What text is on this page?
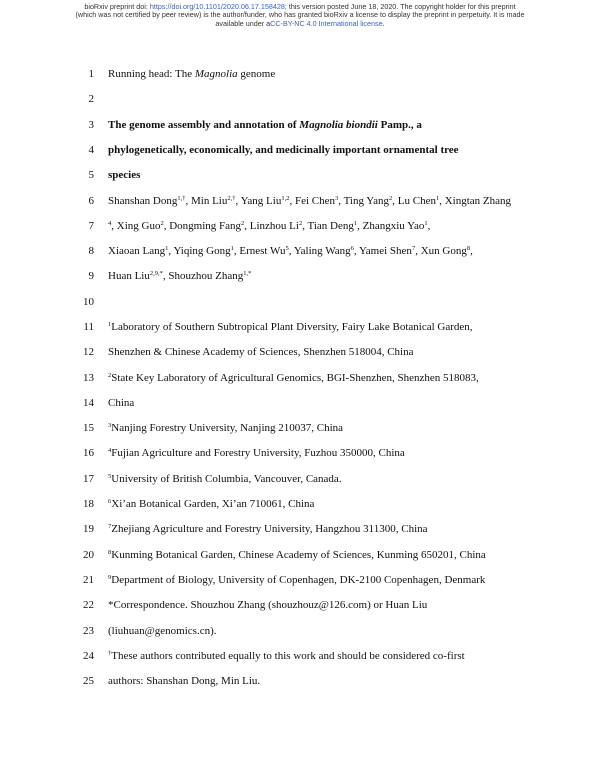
bioRxiv preprint doi: https://doi.org/10.1101/2020.06.17.158428; this version posted June 18, 2020. The copyright holder for this preprint
(which was not certified by peer review) is the author/funder, who has granted bioRxiv a license to display the preprint in perpetuity. It is made
available under aCC-BY-NC 4.0 International license.
1 Running head: The Magnolia genome
2
3 The genome assembly and annotation of Magnolia biondii Pamp., a
4 phylogenetically, economically, and medicinally important ornamental tree
5 species
6 Shanshan Dong$^{1,\dagger}$, Min Liu$^{2,\dagger}$, Yang Liu$^{1,2}$, Fei Chen$^3$, Ting Yang$^2$, Lu Chen$^1$, Xingtan Zhang
7 $^4$, Xing Guo$^2$, Dongming Fang$^2$, Linzhou Li$^2$, Tian Deng$^1$, Zhangxiu Yao$^1$,
8 Xiaoan Lang$^1$, Yiqing Gong$^1$, Ernest Wu$^5$, Yaling Wang$^6$, Yamei Shen$^7$, Xun Gong$^8$,
9 Huan Liu$^{2,9,*}$, Shouzhou Zhang$^{1,*}$
10
11 $^1$Laboratory of Southern Subtropical Plant Diversity, Fairy Lake Botanical Garden,
12 Shenzhen & Chinese Academy of Sciences, Shenzhen 518004, China
13 $^2$State Key Laboratory of Agricultural Genomics, BGI-Shenzhen, Shenzhen 518083,
14 China
15 $^3$Nanjing Forestry University, Nanjing 210037, China
16 $^4$Fujian Agriculture and Forestry University, Fuzhou 350000, China
17 $^5$University of British Columbia, Vancouver, Canada.
18 $^6$Xi’an Botanical Garden, Xi’an 710061, China
19 $^7$Zhejiang Agriculture and Forestry University, Hangzhou 311300, China
20 $^8$Kunming Botanical Garden, Chinese Academy of Sciences, Kunming 650201, China
21 $^9$Department of Biology, University of Copenhagen, DK-2100 Copenhagen, Denmark
22 *Correspondence. Shouzhou Zhang (shouzhouz@126.com) or Huan Liu
23 (liuhuan@genomics.cn).
24 †These authors contributed equally to this work and should be considered co-first
25 authors: Shanshan Dong, Min Liu.
